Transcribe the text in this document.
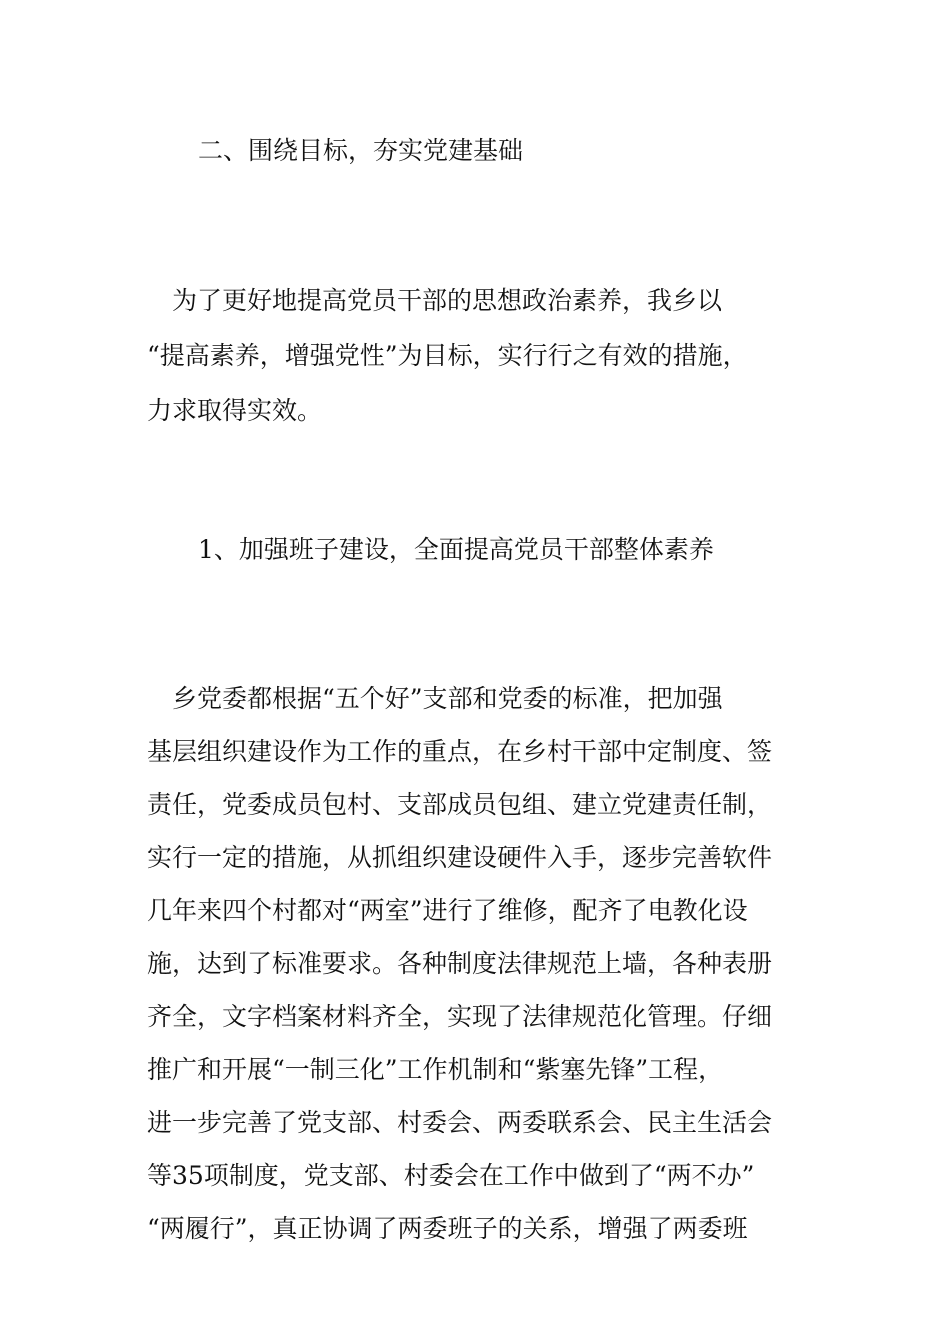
二、围绕目标，夯实党建基础
　为了更好地提高党员干部的思想政治素养，我乡以
“提高素养，增强党性”为目标，实行行之有效的措施，
力求取得实效。
1、加强班子建设，全面提高党员干部整体素养
　乡党委都根据“五个好”支部和党委的标准，把加强
基层组织建设作为工作的重点，在乡村干部中定制度、签
责任，党委成员包村、支部成员包组、建立党建责任制，
实行一定的措施，从抓组织建设硬件入手，逐步完善软件
几年来四个村都对“两室”进行了维修，配齐了电教化设
施，达到了标准要求。各种制度法律规范上墙，各种表册
齐全，文字档案材料齐全，实现了法律规范化管理。仔细
推广和开展“一制三化”工作机制和“紫塞先锋”工程，
进一步完善了党支部、村委会、两委联系会、民主生活会
等35项制度，党支部、村委会在工作中做到了“两不办”
“两履行”，真正协调了两委班子的关系，增强了两委班
